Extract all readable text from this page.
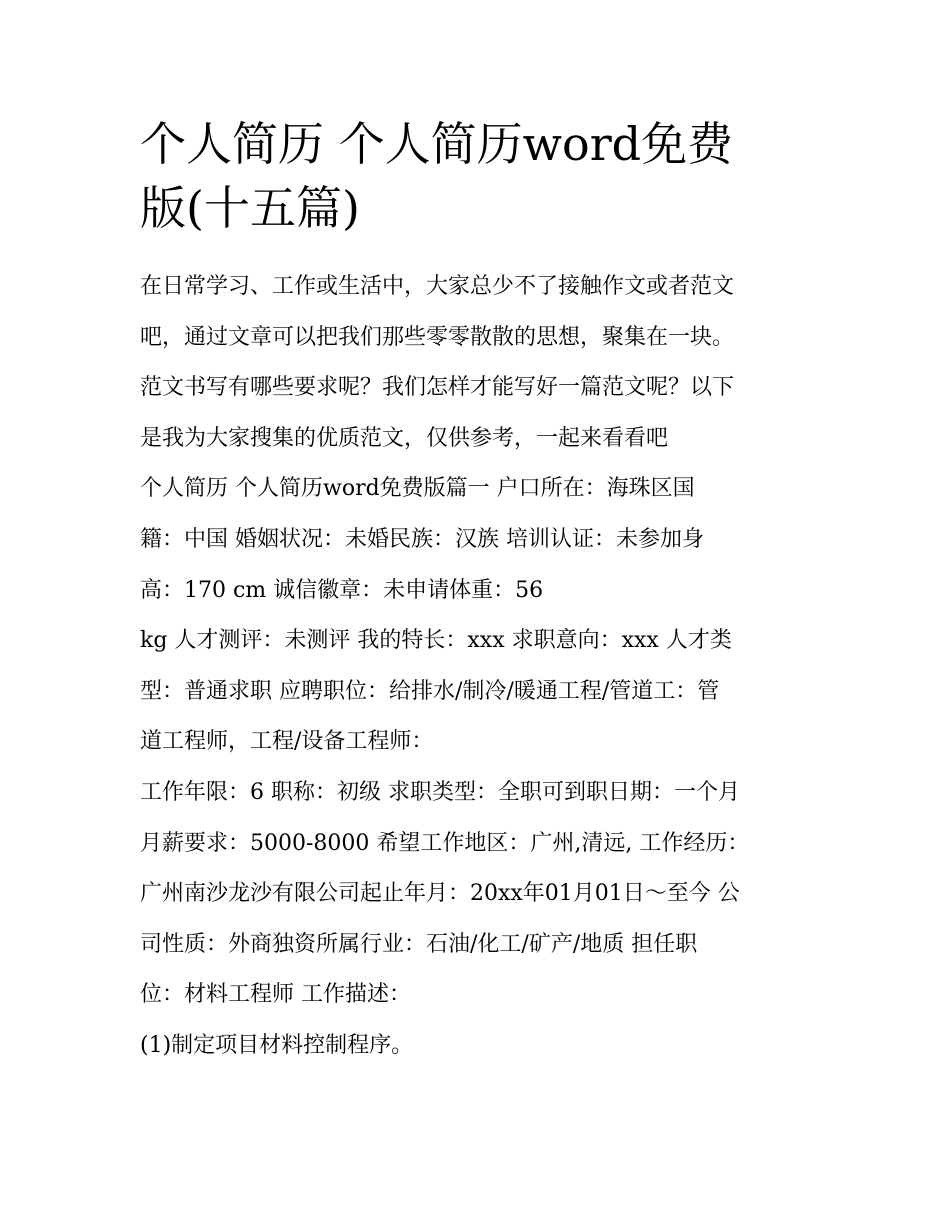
个人简历 个人简历word免费
版(十五篇)
在日常学习、工作或生活中，大家总少不了接触作文或者范文
吧，通过文章可以把我们那些零零散散的思想，聚集在一块。
范文书写有哪些要求呢？我们怎样才能写好一篇范文呢？以下
是我为大家搜集的优质范文，仅供参考，一起来看看吧
个人简历 个人简历word免费版篇一 户口所在：海珠区国
籍：中国 婚姻状况：未婚民族：汉族 培训认证：未参加身
高：170 cm 诚信徽章：未申请体重：56
kg 人才测评：未测评 我的特长：xxx 求职意向：xxx 人才类
型：普通求职 应聘职位：给排水/制冷/暖通工程/管道工：管
道工程师，工程/设备工程师：
工作年限：6 职称：初级 求职类型：全职可到职日期：一个月
月薪要求：5000-8000 希望工作地区：广州,清远, 工作经历：
广州南沙龙沙有限公司起止年月：20xx年01月01日～至今 公
司性质：外商独资所属行业：石油/化工/矿产/地质 担任职
位：材料工程师 工作描述：
(1)制定项目材料控制程序。
